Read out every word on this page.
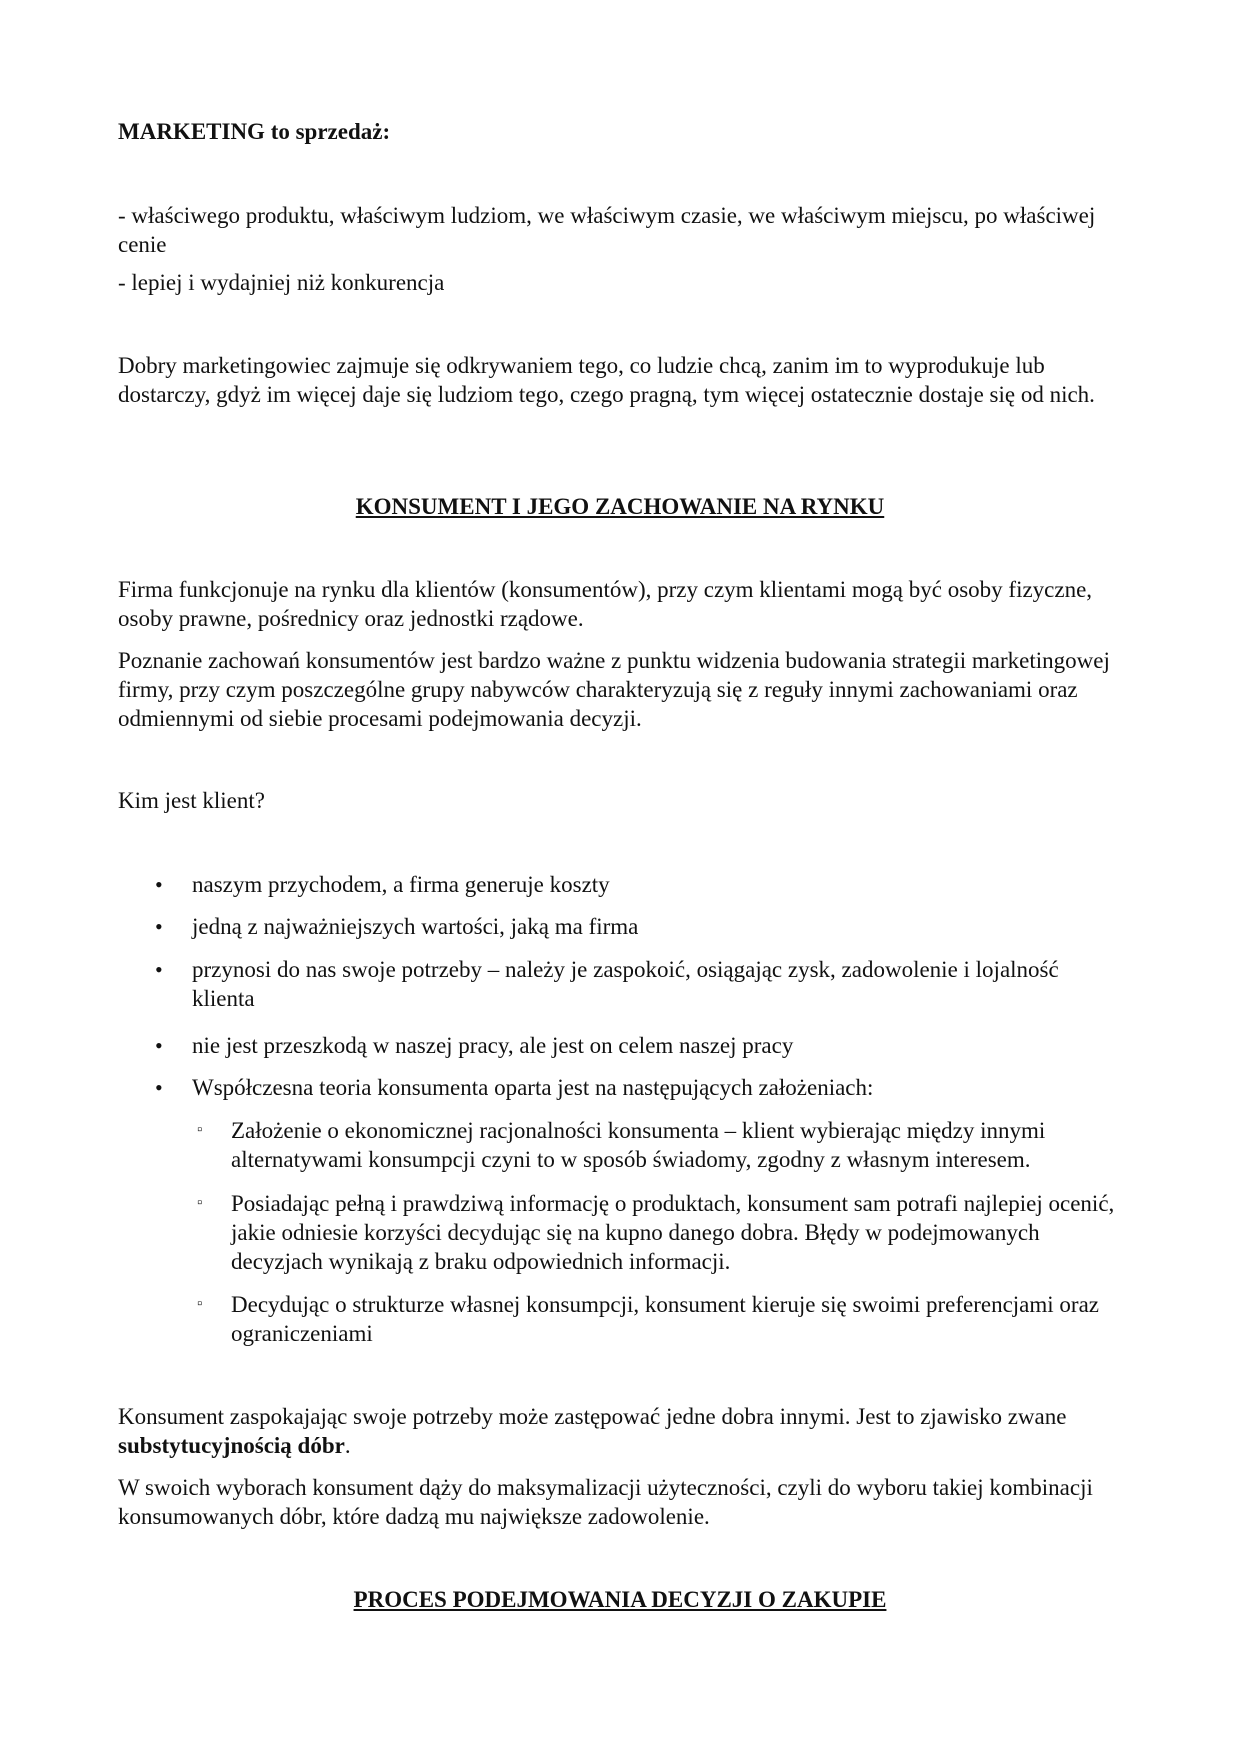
MARKETING to sprzedaż:

- właściwego produktu, właściwym ludziom, we właściwym czasie, we właściwym miejscu, po właściwej cenie

- lepiej i wydajniej niż konkurencja

Dobry marketingowiec zajmuje się odkrywaniem tego, co ludzie chcą, zanim im to wyprodukuje lub dostarczy, gdyż im więcej daje się ludziom tego, czego pragną, tym więcej ostatecznie dostaje się od nich.

KONSUMENT I JEGO ZACHOWANIE NA RYNKU

Firma funkcjonuje na rynku dla klientów (konsumentów), przy czym klientami mogą być osoby fizyczne, osoby prawne, pośrednicy oraz jednostki rządowe.

Poznanie zachowań konsumentów jest bardzo ważne z punktu widzenia budowania strategii marketingowej firmy, przy czym poszczególne grupy nabywców charakteryzują się z reguły innymi zachowaniami oraz odmiennymi od siebie procesami podejmowania decyzji.

Kim jest klient?

•	naszym przychodem, a firma generuje koszty

•	jedną z najważniejszych wartości, jaką ma firma

•	przynosi do nas swoje potrzeby – należy je zaspokoić, osiągając zysk, zadowolenie i lojalność klienta

•	nie jest przeszkodą w naszej pracy, ale jest on celem naszej pracy

•	Współczesna teoria konsumenta oparta jest na następujących założeniach:

▫	Założenie o ekonomicznej racjonalności konsumenta – klient wybierając między innymi alternatywami konsumpcji czyni to w sposób świadomy, zgodny z własnym interesem.

▫	Posiadając pełną i prawdziwą informację o produktach, konsument sam potrafi najlepiej ocenić, jakie odniesie korzyści decydując się na kupno danego dobra. Błędy w podejmowanych decyzjach wynikają z braku odpowiednich informacji.

▫	Decydując o strukturze własnej konsumpcji, konsument kieruje się swoimi preferencjami oraz ograniczeniami

Konsument zaspokajając swoje potrzeby może zastępować jedne dobra innymi. Jest to zjawisko zwane substytucyjnością dóbr.

W swoich wyborach konsument dąży do maksymalizacji użyteczności, czyli do wyboru takiej kombinacji konsumowanych dóbr, które dadzą mu największe zadowolenie.

PROCES PODEJMOWANIA DECYZJI O ZAKUPIE
